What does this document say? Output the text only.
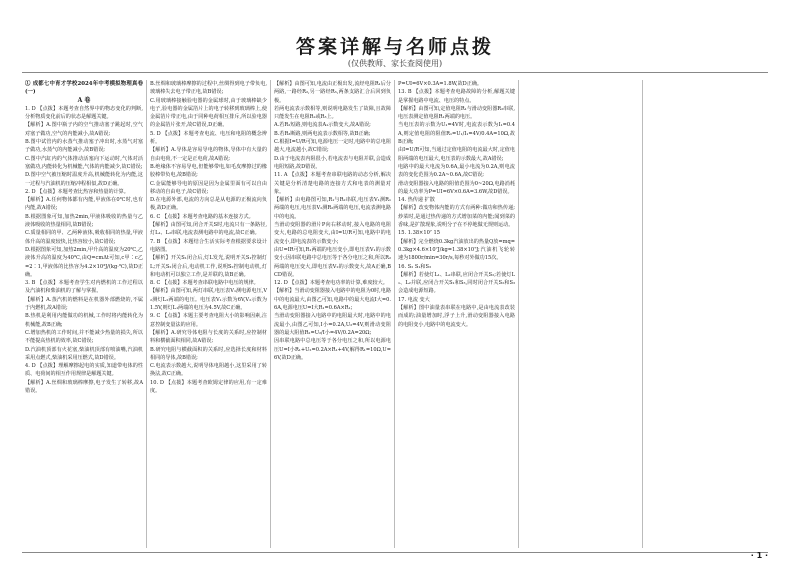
答案详解与名师点拨
(仅供教师、家长查阅使用)

① 成都七中育才学校2024年中考模拟物理真卷(一)

A 卷

1. D 【点拨】本题考查自然界中的物态变化的判断,分析物质变化前后的状态是解题关键。

【解析】A.图中瓶子内的空气推动塞子跳起时,空气对塞子做功,空气的内能减小,故A错误;

B.图中试管内的水蒸气推动塞子冲出时,水蒸气对塞子做功,水蒸气的内能减小,故B错误;

C.图中汽缸内的气体推动活塞向下运动时,气体对活塞做功,内能转化为机械能,气体的内能减少,故C错误;

D.图中空气被压缩时温度升高,机械能转化为内能,这一过程与汽油机的压缩冲程相似,故D正确。

2. D 【点拨】本题考查比热容和热量的计算。

【解析】A.任何物体都有内能,甲液体在0℃时,也有内能,故A错误;

B.根据图象可知,加热2min,甲液体吸收的热量与乙液体吸收的热量相同,故B错误;

C.质量相同的甲、乙两种液体,吸收相同的热量,甲液体升高的温度较快,比热容较小,故C错误;

D.根据图象可知,加热2min,甲升高的温度为20℃,乙液体升高的温度为40℃,由Q=cmΔt可知,c甲∶c乙=2∶1,甲液体的比热容为4.2×10³J/(kg·℃),故D正确。

3. B 【点拨】本题考查学生对内燃机的工作过程以及汽油机和柴油机的了解与掌握。

【解析】A.蒸汽机的燃料是在机器外部燃烧的,不属于内燃机,故A错误;

B.热机是利用内能做功的机械,工作时将内能转化为机械能,故B正确;

C.增加热机的工作时间,并不能减少热量的损失,所以不能提高热机的效率,故C错误;

D.汽油机顶部有火花塞,柴油机顶部有喷油嘴,汽油机采用点燃式,柴油机采用压燃式,故D错误。

4. D 【点拨】理解摩擦起电的实质,知道带电体的性质、电荷间的相互作用规律是解题关键。

【解析】A.丝绸和玻璃棒摩擦,电子发生了转移,故A错误。

B.丝绸和玻璃棒摩擦的过程中,丝绸得到电子带负电,玻璃棒失去电子带正电,故B错误;

C.用玻璃棒接触验电器的金属球时,由于玻璃棒缺少电子,验电器的金属箔片上的电子转移到玻璃棒上,使金属箔片带正电,由于同种电荷相互排斥,所以验电器的金属箔片张开,故C错误,D正确。

5. D 【点拨】本题考查电流、电压和电阻的概念辨析。

【解析】A.导体是容易导电的物体,导体中有大量的自由电荷,不一定是正电荷,故A错误;

B.绝缘体不容易导电,但能够带电,如毛皮摩擦过的橡胶棒带负电,故B错误;

C.金属能够导电的原因是因为金属里面有可以自由移动的自由电子,故C错误;

D.在电源外部,电流的方向总是从电源的正极流向负极,故D正确。

6. C 【点拨】本题考查电路的基本连接方式。

【解析】由图可知,闭合开关S时,电流只有一条路径,灯L₁、L₂串联,电流表测电路中的电流,故C正确。

7. B 【点拨】本题结合生活实际考查根据要求设计电路图。

【解析】开关S₁闭合后,灯L发光,说明开关S₁控制灯L;开关S₂闭合后,电动机工作,说明S₂控制电动机,灯和电动机可以独立工作,是并联的,故B正确。

8. C 【点拨】本题考查串联电路中电压的规律。

【解析】由图可知,两灯串联,电压表V₁测电源电压,V₂测灯L₂两端的电压。电压表V₁示数为6V,V₂示数为1.5V,则灯L₁两端的电压为4.5V,故C正确。

9. C 【点拨】本题主要考查电阻大小的影响因素,注意控制变量法的应用。

【解析】A.研究导体电阻与长度的关系时,应控制材料和横截面积相同,故A错误;

B.研究电阻与横截面积的关系时,应选择长度和材料相同的导体,故B错误;

C.电流表示数越大,说明导体电阻越小,这里采用了转换法,故C正确。

10. D 【点拨】本题考查欧姆定律的应用,有一定难度。

【解析】由图可知,电流由正极出发,流经电阻R₁后分两路,一路经R₂,另一路经R₃,两条支路汇合后回到负极。

若两电流表示数相等,则说明电路发生了故障,且故障只能发生在电阻R₂或R₃上。

A.若R₂短路,则电流表A₁示数变大,故A错误;

B.若R₃断路,则两电流表示数相等,故B正确;

C.根据I=U/R可知,电源电压一定时,电路中的总电阻越大,电流越小,故C错误;

D.由于电流表内阻很小,若电流表与电阻并联,会造成电阻短路,故D错误。

11. A 【点拨】本题考查串联电路的动态分析,解决关键是分析清楚电路的连接方式和电表的测量对象。

【解析】由电路图可知,R₁与R₂串联,电压表V₁测R₁两端的电压,电压表V₂测R₂两端的电压,电流表测电路中的电流。

当滑动变阻器的滑片P向右移动时,接入电路的电阻变大,电路的总电阻变大,由I=U/R可知,电路中的电流变小,即电流表的示数变小;

由U=IR可知,R₁两端的电压变小,即电压表V₁的示数变小;因串联电路中总电压等于各分电压之和,所以R₂两端的电压变大,即电压表V₂的示数变大,故A正确,BCD错误。

12. D 【点拨】本题考查电功率的计算,难度较大。

【解析】当滑动变阻器接入电路中的电阻为0时,电路中的电流最大,由图乙可知,电路中的最大电流I大=0.6A,电源电压U=I大R₁=0.6A×R₁;

当滑动变阻器接入电路中的电阻最大时,电路中的电流最小,由图乙可知,I小=0.2A,U₂=4V,则滑动变阻器的最大阻值R₂=U₂/I小=4V/0.2A=20Ω;

因串联电路中总电压等于各分电压之和,所以电源电压U=I小R₁+U₂=0.2A×R₁+4V,解得R₁=10Ω,U=6V,故D正确。

P=UI=6V×0.3A=1.8W,故D正确。

13. B 【点拨】本题考查电路故障的分析,解题关键是掌握电路中电流、电压的特点。

【解析】由图可知,定值电阻R₁与滑动变阻器R₂串联,电压表测定值电阻R₁两端的电压。

当电压表的示数为U₁=4V时,电流表示数为I₁=0.4A,则定值电阻的阻值R₁=U₁/I₁=4V/0.4A=10Ω,故B正确;

由I=U/R可知,当通过定值电阻的电流最大时,定值电阻两端的电压最大,电压表的示数最大,故A错误;

电路中的最大电流为0.6A,最小电流为0.2A,则电流表的变化范围为0.2A~0.6A,故C错误;

滑动变阻器接入电路的阻值范围为0~20Ω,电路消耗的最大功率为P=UI=6V×0.6A=3.6W,故D错误。

14. 热传递 扩散

【解析】改变物体内能的方式有两种:做功和热传递;炒菜时,是通过热传递的方式增加菜的内能;闻到菜的香味,是扩散现象,说明分子在不停地做无规则运动。

15. 1.38×10⁷ 15

【解析】完全燃烧0.3kg汽油放出的热量Q放=mq=0.3kg×4.6×10⁷J/kg=1.38×10⁷J;汽油机飞轮转速为1800r/min=30r/s,每秒对外做功15次。

16. S₂ S₁和S₃

【解析】若使灯L₁、L₂串联,应闭合开关S₂;若使灯L₁、L₂并联,应闭合开关S₁和S₃,同时闭合开关S₂和S₃会造成电源短路。

17. 电流 变大

【解析】图中油量表串联在电路中,是由电流表改装而成的;油量增加时,浮子上升,滑动变阻器接入电路的电阻变小,电路中的电流变大。

· 1 ·
